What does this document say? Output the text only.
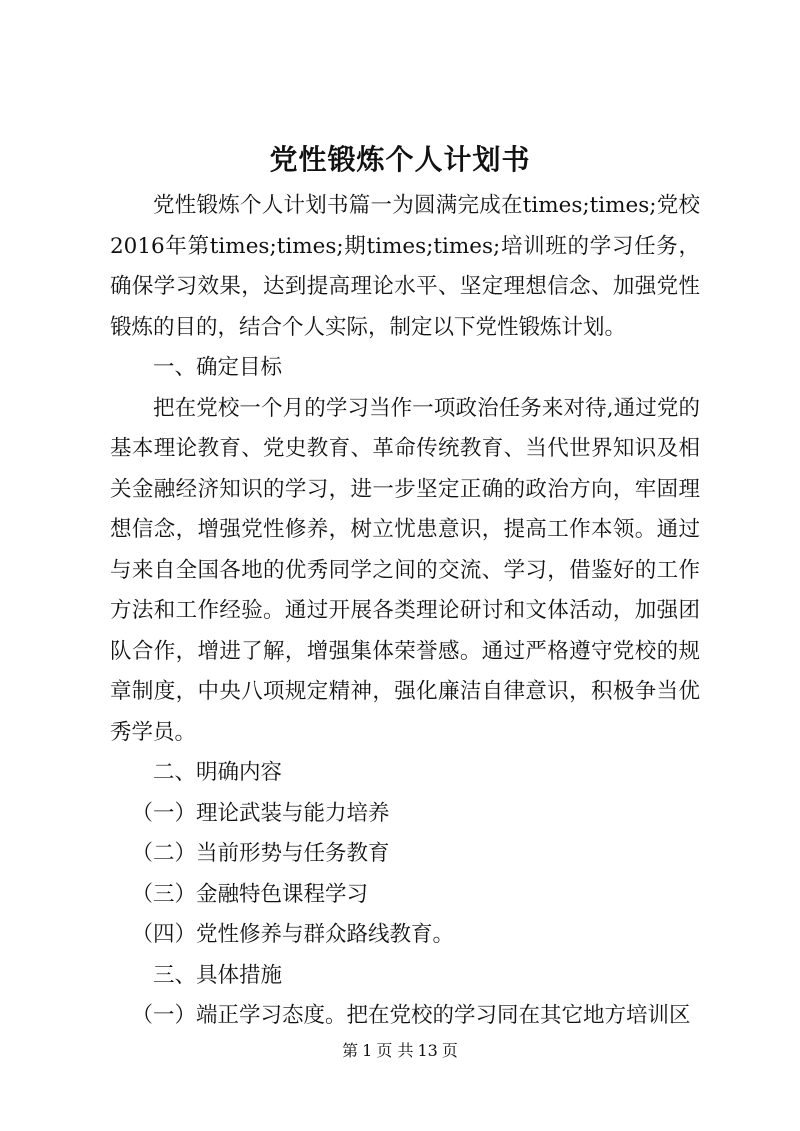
党性锻炼个人计划书

党性锻炼个人计划书篇一为圆满完成在times;times;党校2016年第times;times;期times;times;培训班的学习任务，确保学习效果，达到提高理论水平、坚定理想信念、加强党性锻炼的目的，结合个人实际，制定以下党性锻炼计划。

一、确定目标

把在党校一个月的学习当作一项政治任务来对待,通过党的基本理论教育、党史教育、革命传统教育、当代世界知识及相关金融经济知识的学习，进一步坚定正确的政治方向，牢固理想信念，增强党性修养，树立忧患意识，提高工作本领。通过与来自全国各地的优秀同学之间的交流、学习，借鉴好的工作方法和工作经验。通过开展各类理论研讨和文体活动，加强团队合作，增进了解，增强集体荣誉感。通过严格遵守党校的规章制度，中央八项规定精神，强化廉洁自律意识，积极争当优秀学员。

二、明确内容

（一）理论武装与能力培养

（二）当前形势与任务教育

（三）金融特色课程学习

（四）党性修养与群众路线教育。

三、具体措施

（一）端正学习态度。把在党校的学习同在其它地方培训区

第 1 页 共 13 页
